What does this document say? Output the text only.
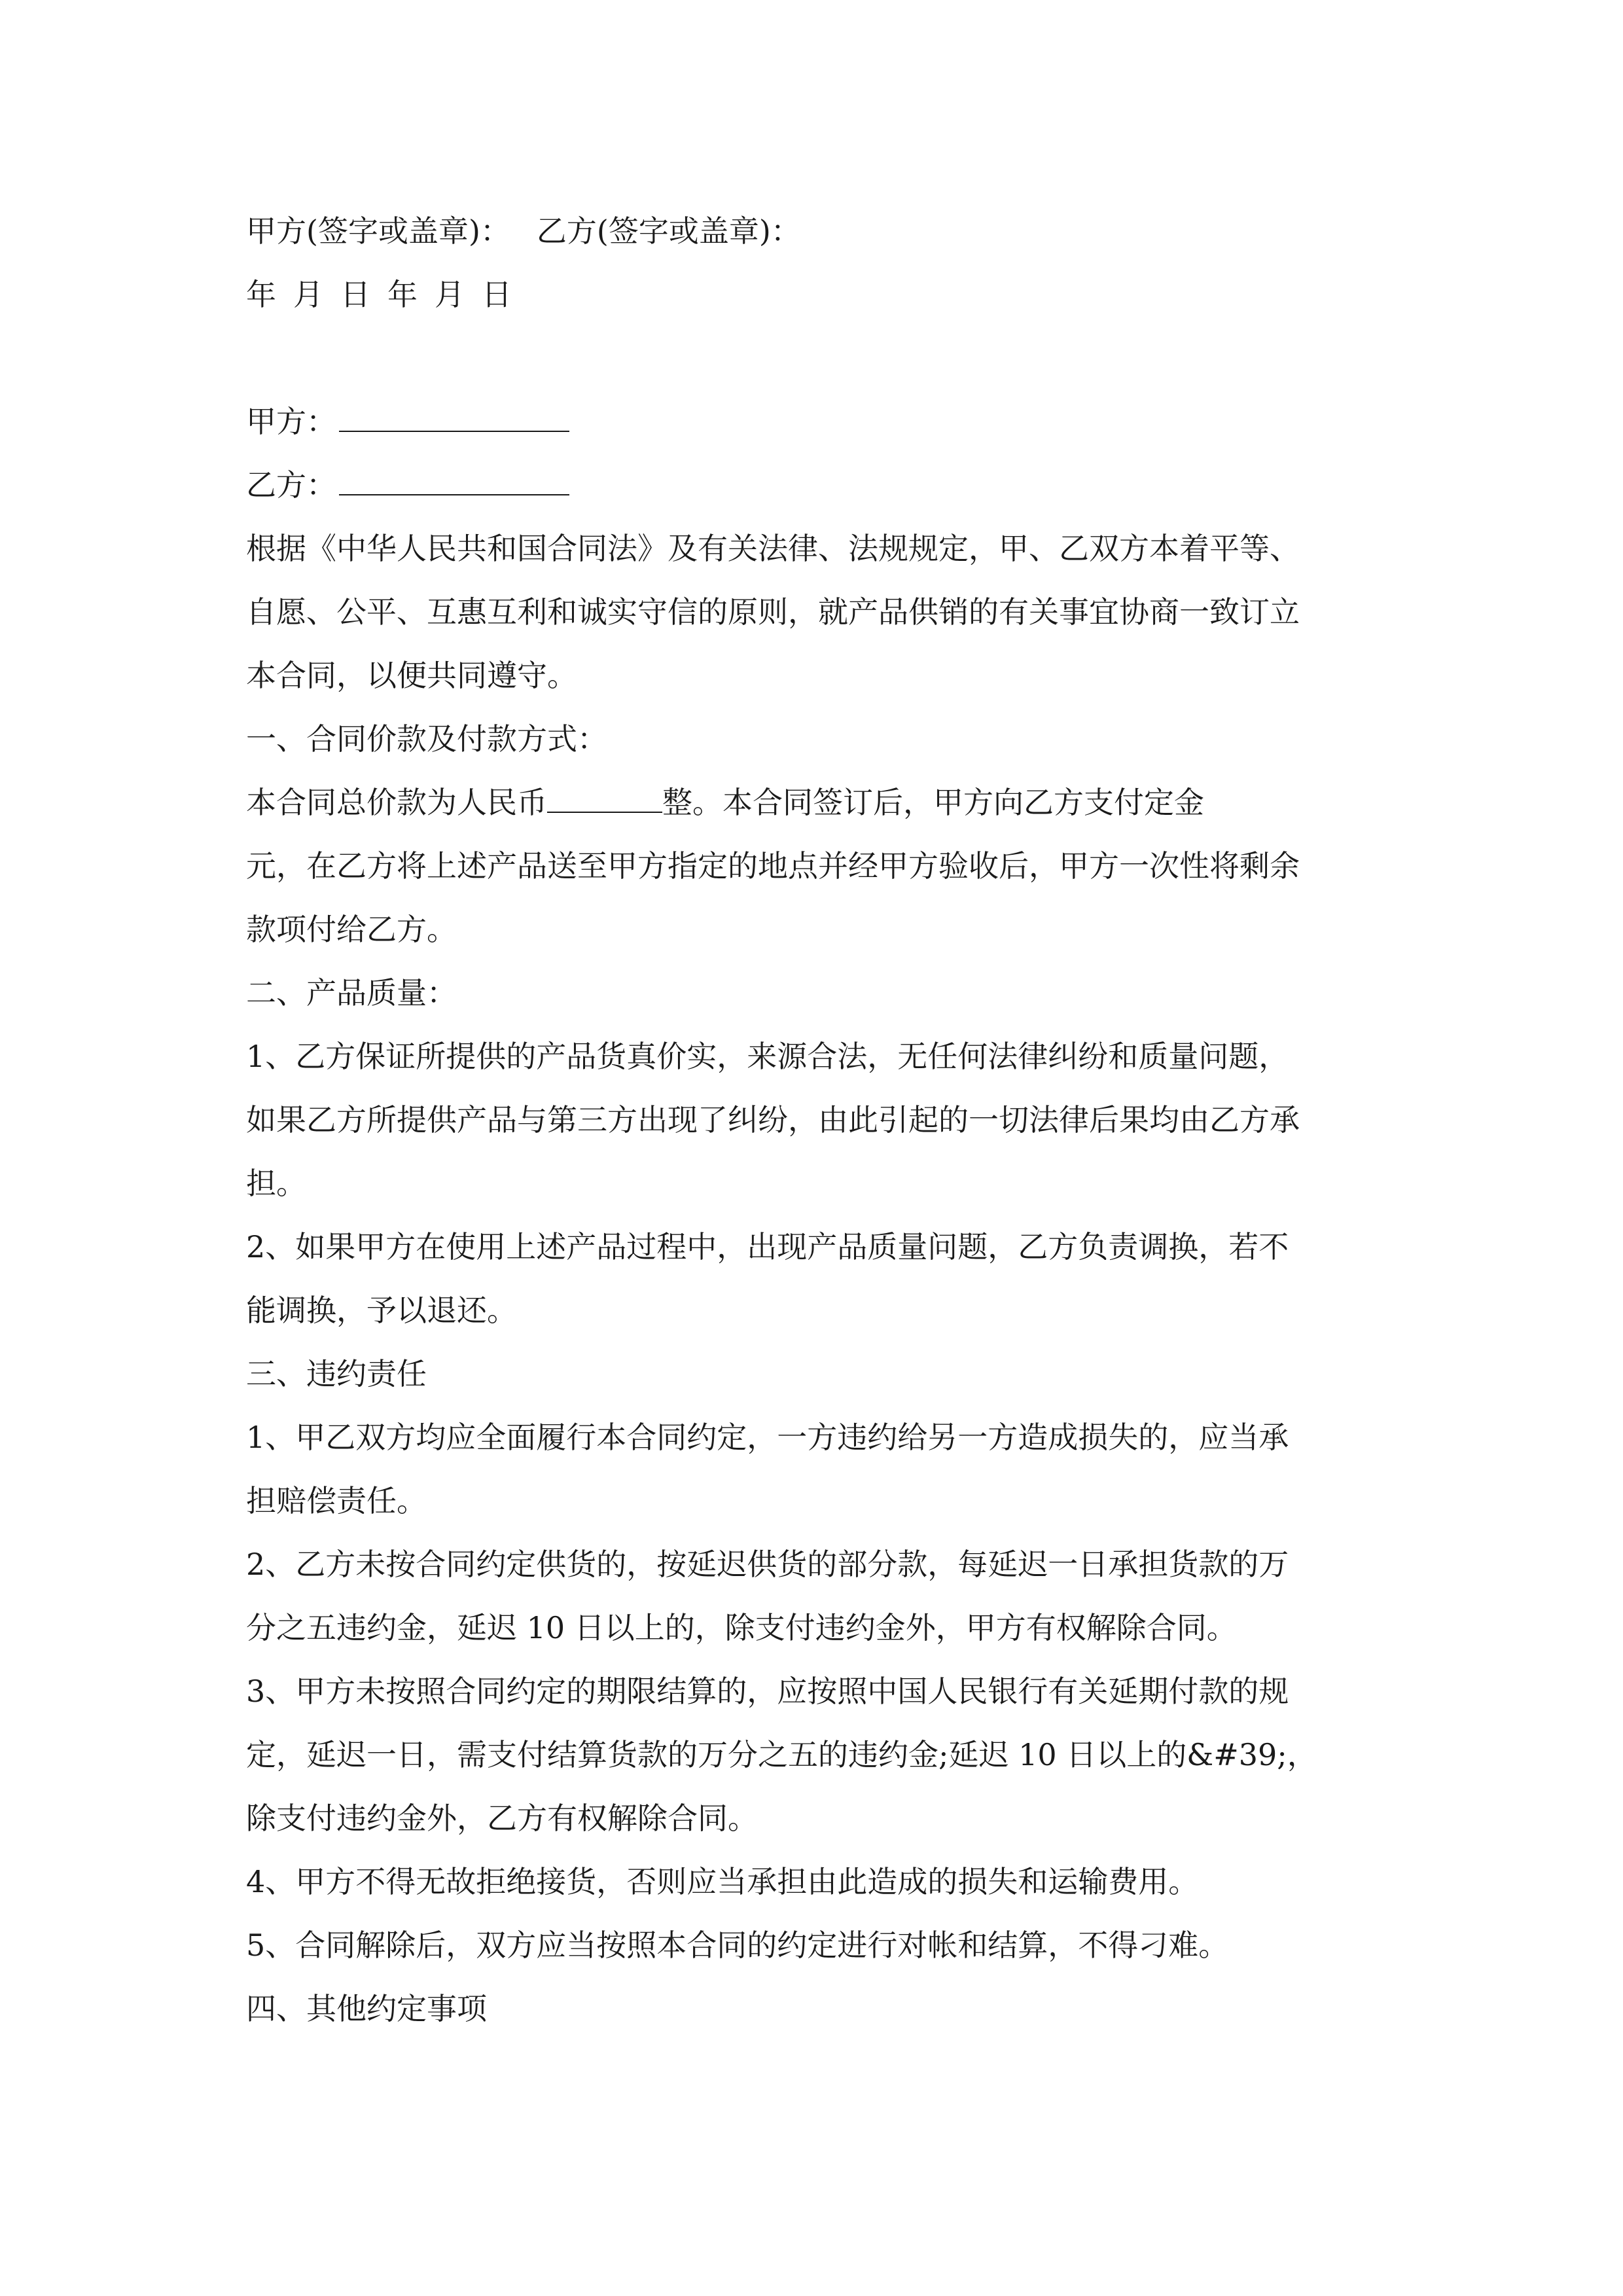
甲方(签字或盖章)： 乙方(签字或盖章)：
年 月 日 年 月 日
甲方：
乙方：
根据《中华人民共和国合同法》及有关法律、法规规定，甲、乙双方本着平等、
自愿、公平、互惠互利和诚实守信的原则，就产品供销的有关事宜协商一致订立
本合同，以便共同遵守。
一、合同价款及付款方式：
本合同总价款为人民币	整。本合同签订后，甲方向乙方支付定金
元，在乙方将上述产品送至甲方指定的地点并经甲方验收后，甲方一次性将剩余
款项付给乙方。
二、产品质量：
1、乙方保证所提供的产品货真价实，来源合法，无任何法律纠纷和质量问题，
如果乙方所提供产品与第三方出现了纠纷，由此引起的一切法律后果均由乙方承
担。
2、如果甲方在使用上述产品过程中，出现产品质量问题，乙方负责调换，若不
能调换，予以退还。
三、违约责任
1、甲乙双方均应全面履行本合同约定，一方违约给另一方造成损失的，应当承
担赔偿责任。
2、乙方未按合同约定供货的，按延迟供货的部分款，每延迟一日承担货款的万
分之五违约金，延迟 10 日以上的，除支付违约金外，甲方有权解除合同。
3、甲方未按照合同约定的期限结算的，应按照中国人民银行有关延期付款的规
定，延迟一日，需支付结算货款的万分之五的违约金;延迟 10 日以上的&#39;，
除支付违约金外，乙方有权解除合同。
4、甲方不得无故拒绝接货，否则应当承担由此造成的损失和运输费用。
5、合同解除后，双方应当按照本合同的约定进行对帐和结算，不得刁难。
四、其他约定事项
